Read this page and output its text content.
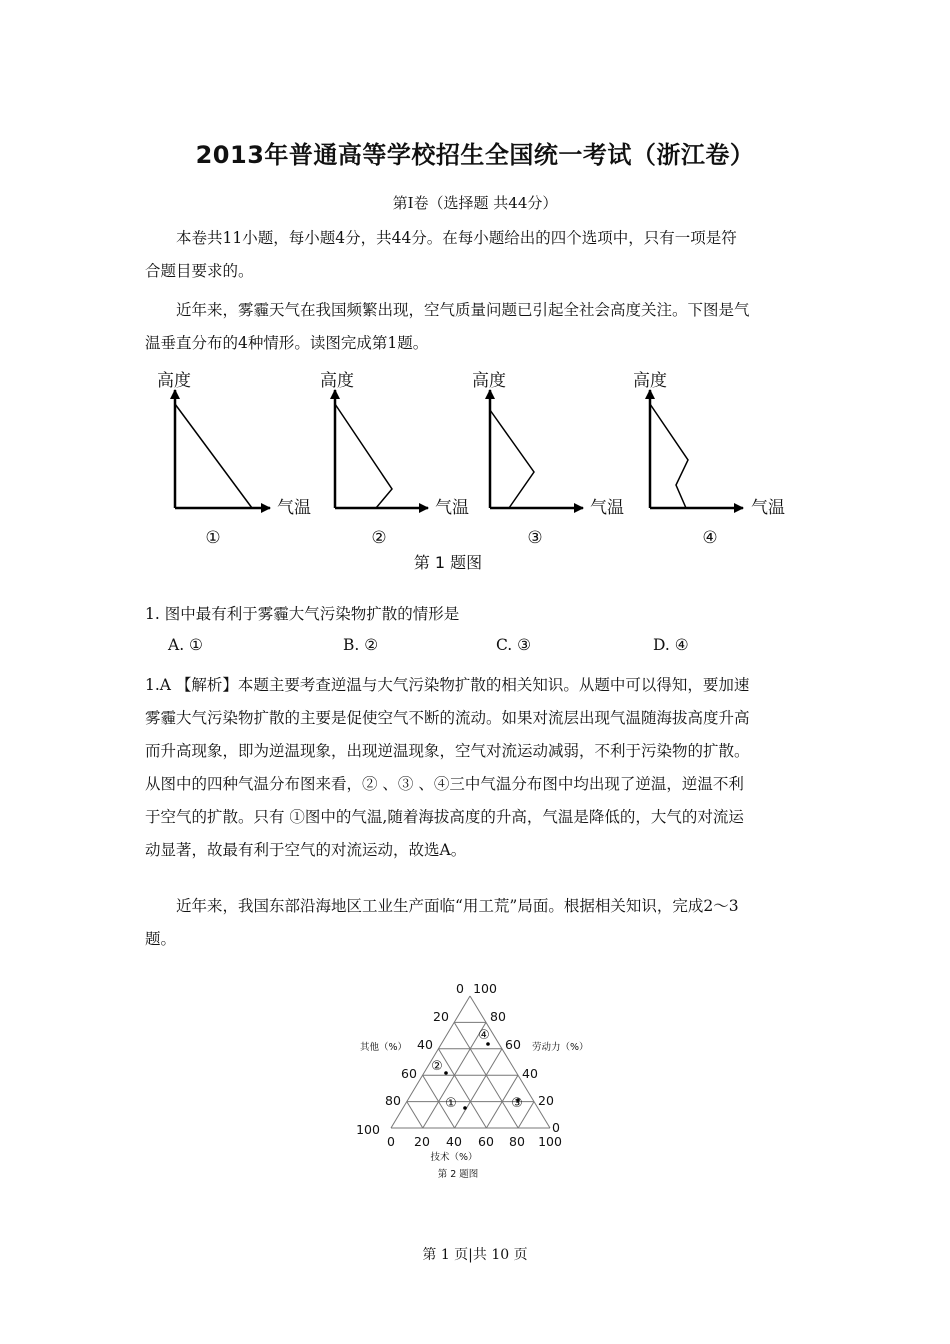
2013年普通高等学校招生全国统一考试（浙江卷）
第Ⅰ卷（选择题 共44分）
本卷共11小题，每小题4分，共44分。在每小题给出的四个选项中，只有一项是符
合题目要求的。
近年来，雾霾天气在我国频繁出现，空气质量问题已引起全社会高度关注。下图是气
温垂直分布的4种情形。读图完成第1题。
高度
气温
①
高度
气温
②
高度
气温
③
高度
气温
④
第 1 题图
1. 图中最有利于雾霾大气污染物扩散的情形是
A. ①	B. ②	C. ③	D. ④
1.A 【解析】本题主要考查逆温与大气污染物扩散的相关知识。从题中可以得知，要加速
雾霾大气污染物扩散的主要是促使空气不断的流动。如果对流层出现气温随海拔高度升高
而升高现象，即为逆温现象，出现逆温现象，空气对流运动减弱，不利于污染物的扩散。
从图中的四种气温分布图来看，② 、③ 、④三中气温分布图中均出现了逆温，逆温不利
于空气的扩散。只有 ①图中的气温,随着海拔高度的升高，气温是降低的，大气的对流运
动显著，故最有利于空气的对流运动，故选A。
近年来，我国东部沿海地区工业生产面临“用工荒”局面。根据相关知识，完成2～3
题。
100
80
60
40
20
0 100
80
60
40
20
0
0 20 40 60 80 100
其他（%）	劳动力（%）
技术（%）
第 2 题图
①
②
③
④
第 1 页|共 10 页
